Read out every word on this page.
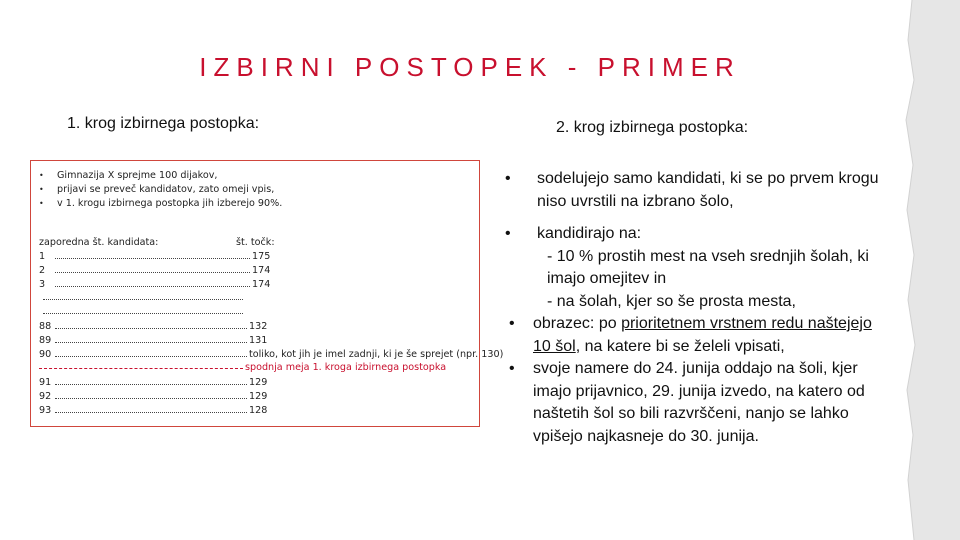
IZBIRNI POSTOPEK - PRIMER
1. krog izbirnega postopka:	2. krog izbirnega postopka:
•	Gimnazija X sprejme 100 dijakov,
•	prijavi se preveč kandidatov, zato omeji vpis,
•	v 1. krogu izbirnega postopka jih izberejo 90%.
zaporedna št. kandidata:	št. točk:
1	175
2	174
3	174
88	132
89	131
90	toliko, kot jih je imel zadnji, ki je še sprejet (npr. 130)
spodnja meja 1. kroga izbirnega postopka
91	129
92	129
93	128
•	sodelujejo samo kandidati, ki se po prvem krogu niso uvrstili na izbrano šolo,
•	kandidirajo na:
- 10 % prostih mest na vseh srednjih šolah, ki imajo omejitev in
- na šolah, kjer so še prosta mesta,
•	obrazec: po prioritetnem vrstnem redu naštejejo 10 šol, na katere bi se želeli vpisati,
•	svoje namere do 24. junija oddajo na šoli, kjer imajo prijavnico, 29. junija izvedo, na katero od naštetih šol so bili razvrščeni, nanjo se lahko vpišejo najkasneje do 30. junija.
